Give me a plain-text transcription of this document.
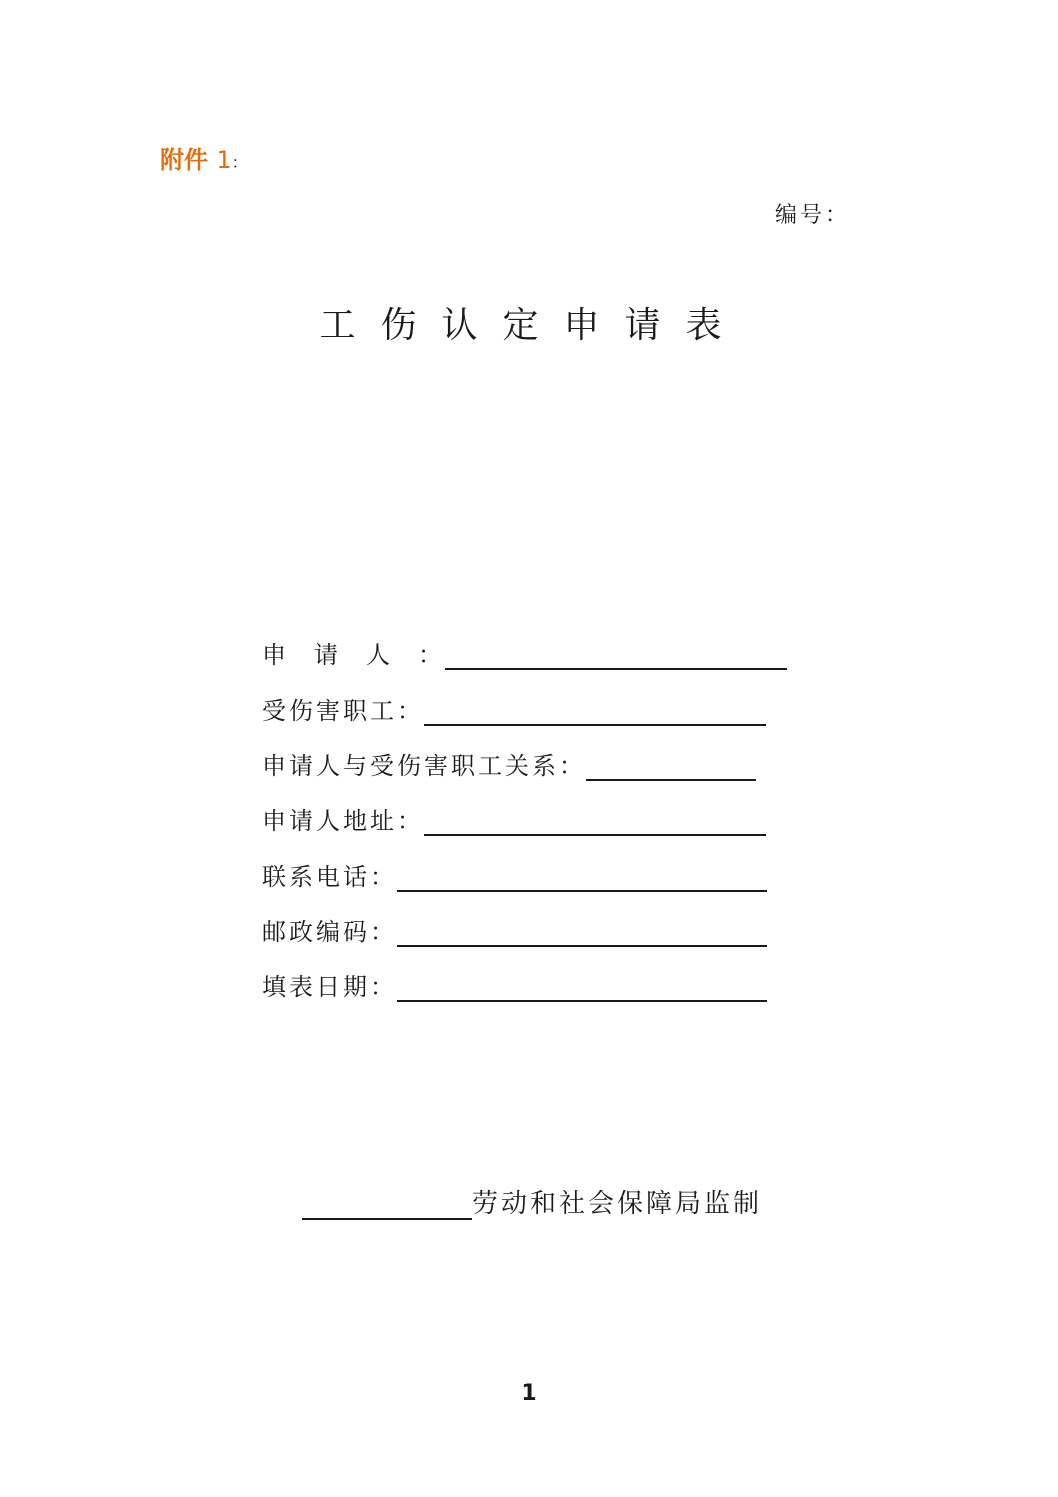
附件 1：
编号：
工伤认定申请表
申请人：
受伤害职工：
申请人与受伤害职工关系：
申请人地址：
联系电话：
邮政编码：
填表日期：
劳动和社会保障局监制
1
